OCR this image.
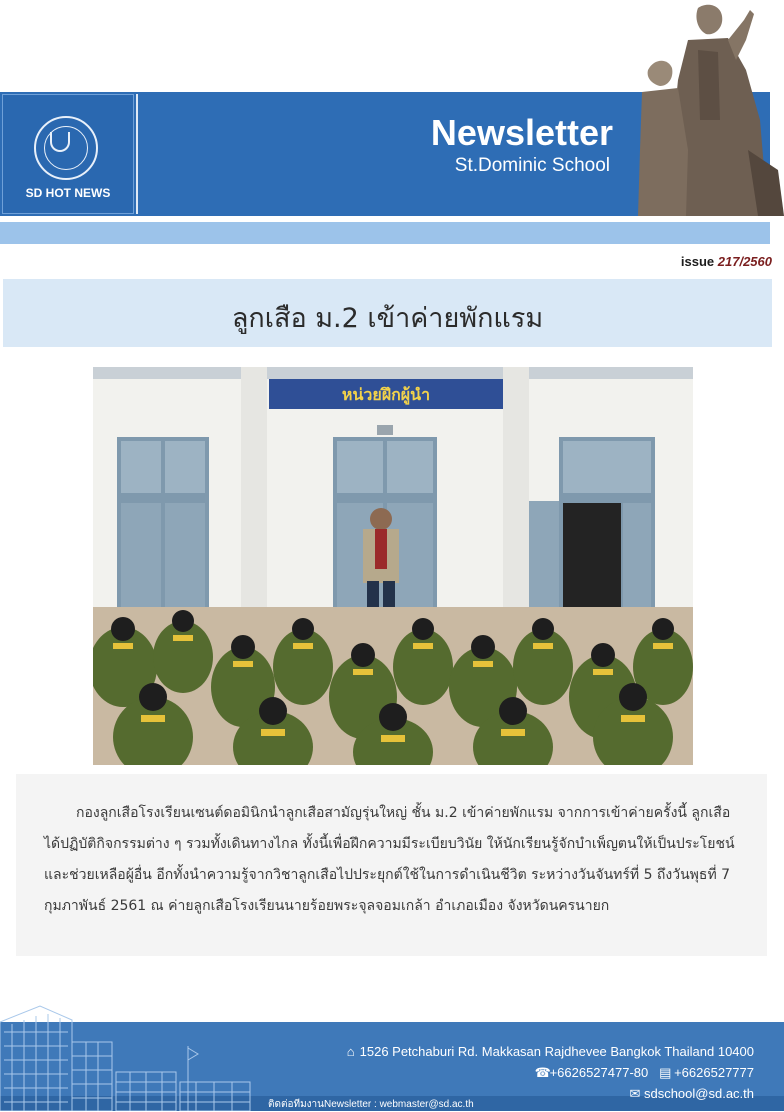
SD HOT NEWS
Newsletter
St.Dominic School
issue 217/2560
ลูกเสือ ม.2 เข้าค่ายพักแรม
หน่วยฝึกผู้นำ
กองลูกเสือโรงเรียนเซนต์ดอมินิกนำลูกเสือสามัญรุ่นใหญ่ ชั้น ม.2 เข้าค่ายพักแรม จากการเข้าค่ายครั้งนี้ ลูกเสือได้ปฏิบัติกิจกรรมต่าง ๆ รวมทั้งเดินทางไกล ทั้งนี้เพื่อฝึกความมีระเบียบวินัย ให้นักเรียนรู้จักบำเพ็ญตนให้เป็นประโยชน์และช่วยเหลือผู้อื่น อีกทั้งนำความรู้จากวิชาลูกเสือไปประยุกต์ใช้ในการดำเนินชีวิต ระหว่างวันจันทร์ที่ 5 ถึงวันพุธที่ 7 กุมภาพันธ์ 2561 ณ ค่ายลูกเสือโรงเรียนนายร้อยพระจุลจอมเกล้า อำเภอเมือง จังหวัดนครนายก
⌂ 1526 Petchaburi Rd. Makkasan Rajdhevee Bangkok Thailand 10400
☎+6626527477-80 ▤ +6626527777
✉ sdschool@sd.ac.th
ติดต่อทีมงานNewsletter : webmaster@sd.ac.th
